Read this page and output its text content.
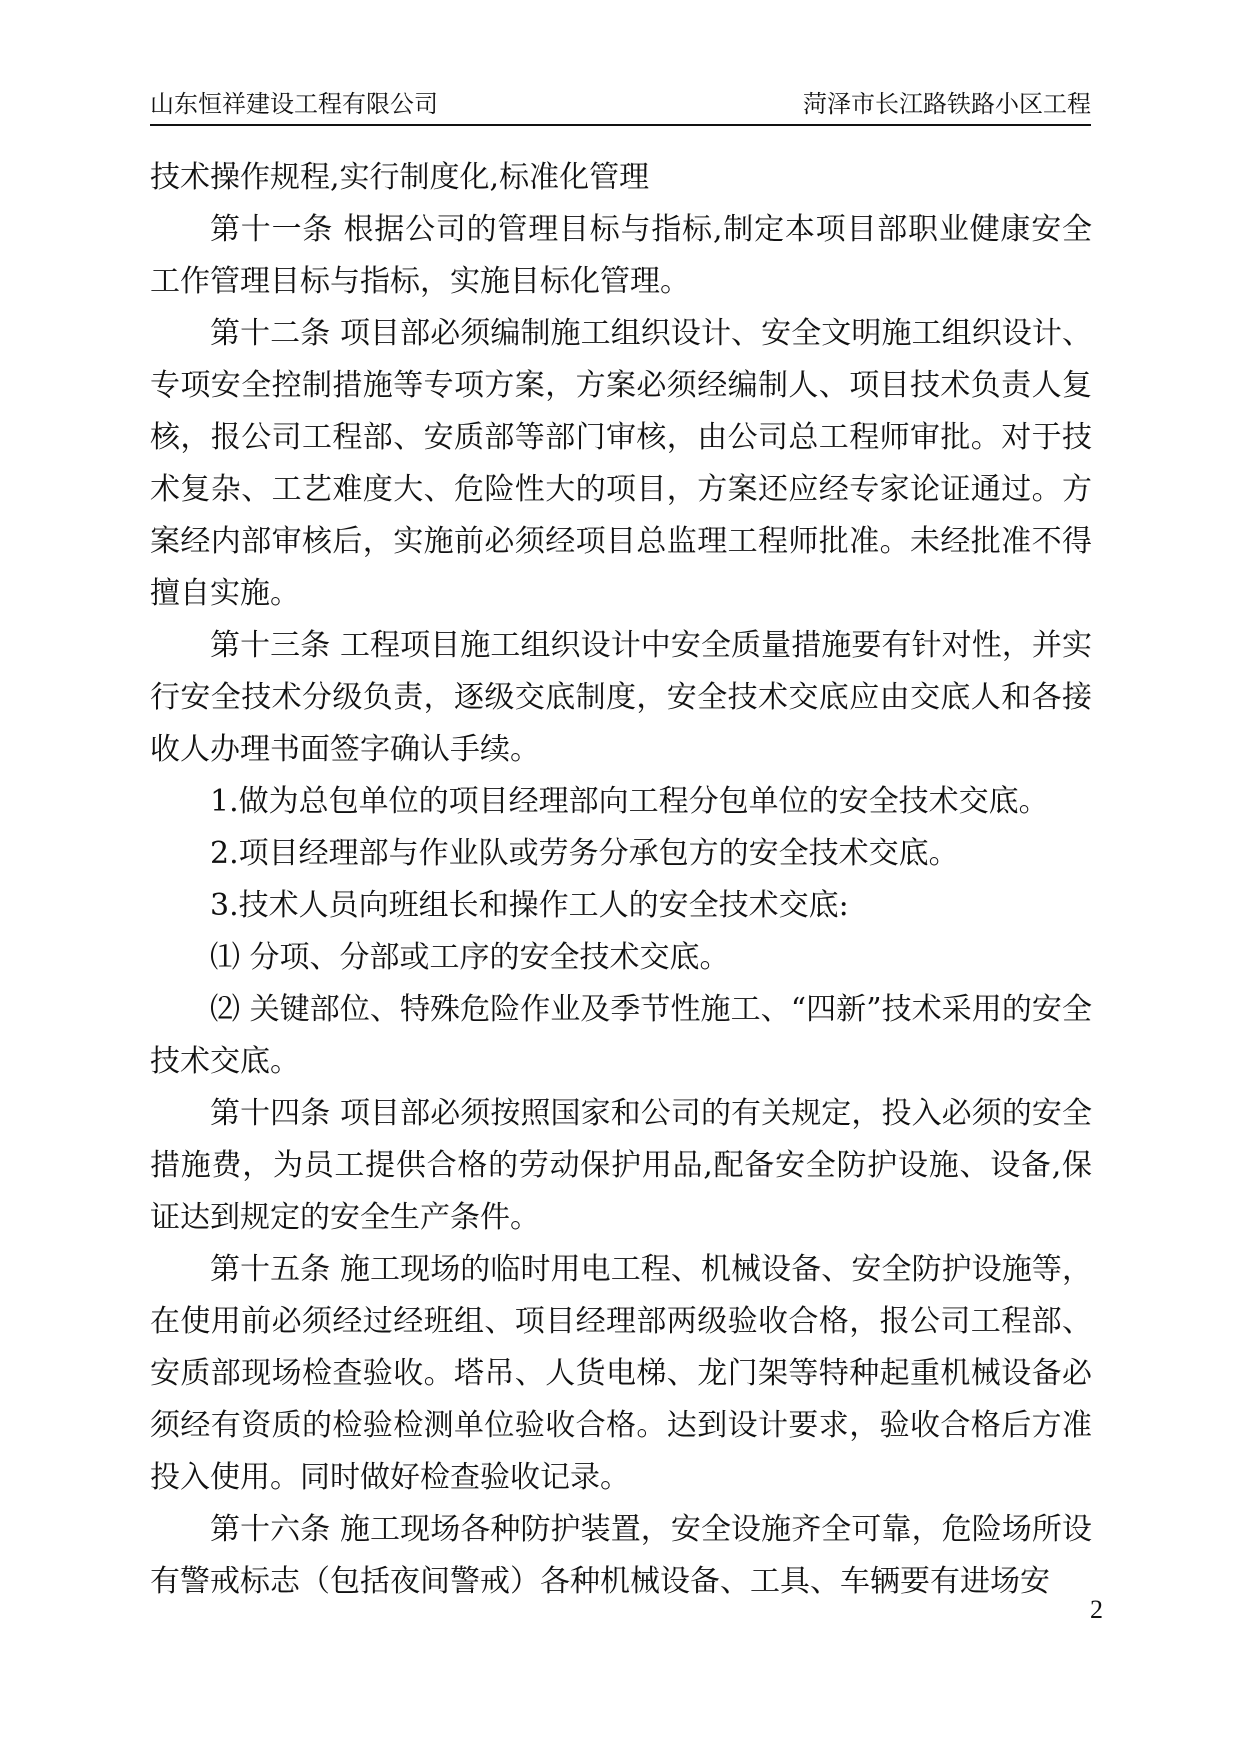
山东恒祥建设工程有限公司	菏泽市长江路铁路小区工程

技术操作规程,实行制度化,标准化管理

第十一条 根据公司的管理目标与指标,制定本项目部职业健康安全工作管理目标与指标，实施目标化管理。

第十二条 项目部必须编制施工组织设计、安全文明施工组织设计、专项安全控制措施等专项方案，方案必须经编制人、项目技术负责人复核，报公司工程部、安质部等部门审核，由公司总工程师审批。对于技术复杂、工艺难度大、危险性大的项目，方案还应经专家论证通过。方案经内部审核后，实施前必须经项目总监理工程师批准。未经批准不得擅自实施。

第十三条 工程项目施工组织设计中安全质量措施要有针对性，并实行安全技术分级负责，逐级交底制度，安全技术交底应由交底人和各接收人办理书面签字确认手续。

1.做为总包单位的项目经理部向工程分包单位的安全技术交底。

2.项目经理部与作业队或劳务分承包方的安全技术交底。

3.技术人员向班组长和操作工人的安全技术交底:

⑴ 分项、分部或工序的安全技术交底。

⑵ 关键部位、特殊危险作业及季节性施工、“四新”技术采用的安全技术交底。

第十四条 项目部必须按照国家和公司的有关规定，投入必须的安全措施费，为员工提供合格的劳动保护用品,配备安全防护设施、设备,保证达到规定的安全生产条件。

第十五条 施工现场的临时用电工程、机械设备、安全防护设施等，在使用前必须经过经班组、项目经理部两级验收合格，报公司工程部、安质部现场检查验收。塔吊、人货电梯、龙门架等特种起重机械设备必须经有资质的检验检测单位验收合格。达到设计要求，验收合格后方准投入使用。同时做好检查验收记录。

第十六条 施工现场各种防护装置，安全设施齐全可靠，危险场所设有警戒标志（包括夜间警戒）各种机械设备、工具、车辆要有进场安

2
